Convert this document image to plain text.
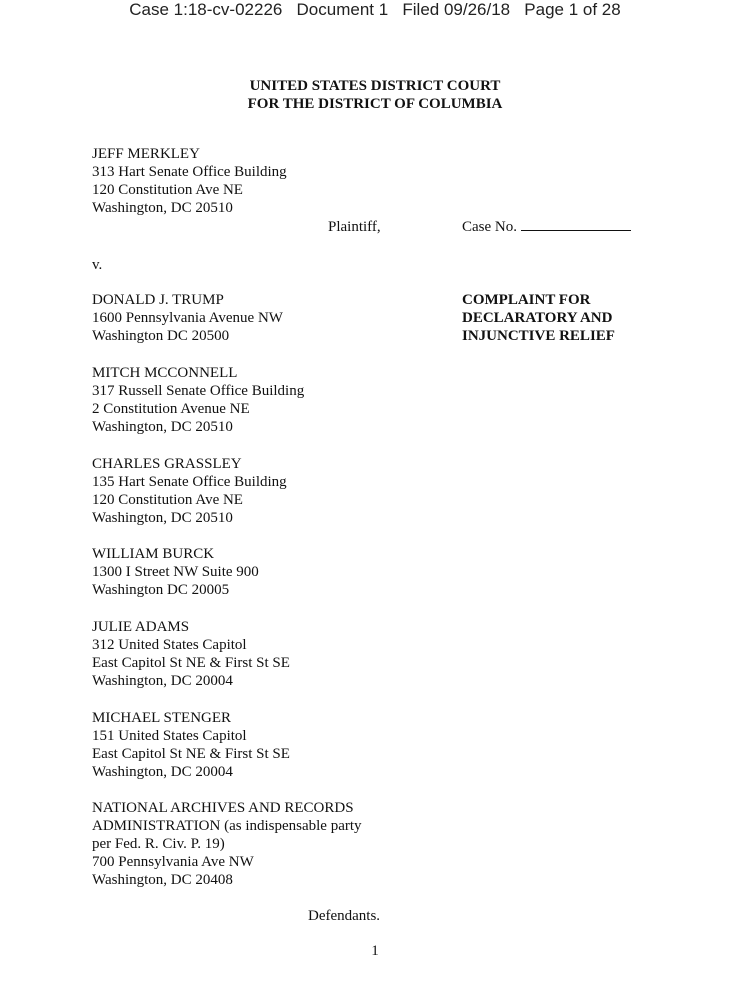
Case 1:18-cv-02226 Document 1 Filed 09/26/18 Page 1 of 28
UNITED STATES DISTRICT COURT
FOR THE DISTRICT OF COLUMBIA
JEFF MERKLEY
313 Hart Senate Office Building
120 Constitution Ave NE
Washington, DC 20510
Plaintiff,	Case No.
v.
COMPLAINT FOR
DECLARATORY AND
INJUNCTIVE RELIEF
DONALD J. TRUMP
1600 Pennsylvania Avenue NW
Washington DC 20500
MITCH MCCONNELL
317 Russell Senate Office Building
2 Constitution Avenue NE
Washington, DC 20510
CHARLES GRASSLEY
135 Hart Senate Office Building
120 Constitution Ave NE
Washington, DC 20510
WILLIAM BURCK
1300 I Street NW Suite 900
Washington DC 20005
JULIE ADAMS
312 United States Capitol
East Capitol St NE & First St SE
Washington, DC 20004
MICHAEL STENGER
151 United States Capitol
East Capitol St NE & First St SE
Washington, DC 20004
NATIONAL ARCHIVES AND RECORDS
ADMINISTRATION (as indispensable party
per Fed. R. Civ. P. 19)
700 Pennsylvania Ave NW
Washington, DC 20408
Defendants.
1
